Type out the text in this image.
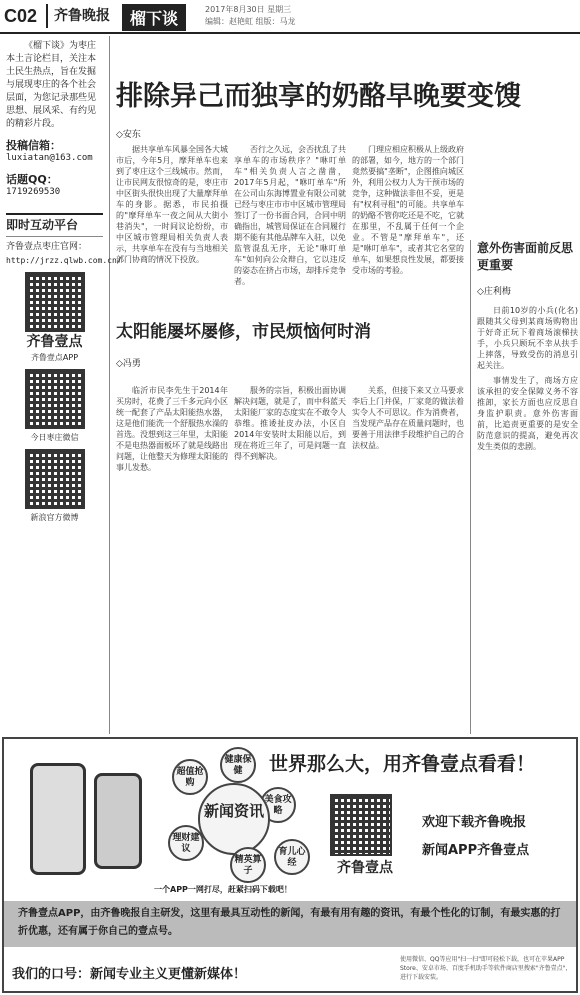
C02	齐鲁晚报	榴下谈	2017年8月30日 星期三
编辑：赵艳虹 组版：马龙

《榴下谈》为枣庄本土言论栏目，关注本土民生热点，旨在发掘与展现枣庄的各个社会层面，为您记录那些见思想、展风采、有约见的精彩片段。

投稿信箱：
luxiatan@163.com
话题QQ：
1719269530
即时互动平台
齐鲁壹点枣庄官网：
http://jrzz.qlwb.com.cn/
齐鲁壹点
齐鲁壹点APP
今日枣庄微信
新浪官方微博
排除异己而独享的奶酪早晚要变馊
◇安东

据共享单车风暴全国各大城市后，今年5月，摩拜单车也来到了枣庄这个三线城市。然而，让市民网友很惊奇的是，枣庄市中区街头很快出现了大量摩拜单车的身影。据悉，市民拍摄的"摩拜单车一夜之间从大街小巷消失"，一时间议论纷纷，市中区城市管理局相关负责人表示，共享单车在没有与当地相关部门协商的情况下投放。

否行之久远，会否扰乱了共享单车的市场秩序？"咻叮单车"相关负责人言之凿凿，2017年5月起，"咻叮单车"所在公司山东海博置业有限公司就已经与枣庄市市中区城市管理局签订了一份书面合同，合同中明确指出，城管局保证在合同履行期不能有其他品牌车入驻，以免监管混乱无序，无论"咻叮单车"如何向公众辩白，它以违反的姿态在挤占市场，却排斥竞争者。

门理应相应积极从上级政府的部署，如今，地方的一个部门竟然要搞"垄断"，企图推向城区外，利用公权力人为干预市场的竞争，这种做法非但不妥，更是有"权利寻租"的可能。共享单车的奶酪不管你吃还是不吃，它就在那里，不乱属于任何一个企业。不管是"摩拜单车"，还是"咻叮单车"，或者其它名堂的单车，如果想良性发展，都要接受市场的考验。

太阳能屡坏屡修，市民烦恼何时消
◇冯勇

临沂市民李先生于2014年买房时，花费了三千多元向小区统一配套了产品太阳能热水器，这是他们能洗一个舒服热水澡的首选。没想到这三年里，太阳能不是电热器面板坏了就是线路出问题，让他整天为修理太阳能的事儿发愁。

服务的宗旨，积极出面协调解决问题，就是了，而中科蓝天太阳能厂家的态度实在不敢令人恭维。推诿扯皮办法，小区自2014年安装时太阳能以后，到现在将近三年了，可是问题一直得不到解决。

关系，但接下来又立马要求李后上门并保，厂家竟的做法着实令人不可思议。作为消费者，当发现产品存在质量问题时，也要善于用法律手段维护自己的合法权益。

意外伤害面前反思更重要
◇庄利梅

日前10岁的小兵(化名)跟随其父母到某商场购物出于好奇正玩下着商场滚梯扶手，小兵只顾玩不幸从扶手上摔落，导致受伤的消息引起关注。

事情发生了，商场方应该承担的安全保障义务不容推卸，家长方面也应反思自身监护职责。意外伤害面前，比追责更重要的是安全防范意识的提高，避免再次发生类似的悲剧。

超值抢购
健康保健
美食攻略
理财建议
新闻资讯
精英算子
育儿心经
一个APP一网打尽，赶紧扫码下载吧！
世界那么大，用齐鲁壹点看看！
齐鲁壹点
欢迎下载齐鲁晚报
新闻APP齐鲁壹点
齐鲁壹点APP，由齐鲁晚报自主研发，这里有最具互动性的新闻，有最有用有趣的资讯，有最个性化的订制，有最实惠的打折优惠，还有属于你自己的壹点号。
我们的口号：新闻专业主义更懂新媒体！
使用微信、QQ等应用"扫一扫"即可轻松下载，也可在苹果APP Store、安卓市场、百度手机助手等软件商店里搜索"齐鲁壹点"，进行下载安装。
